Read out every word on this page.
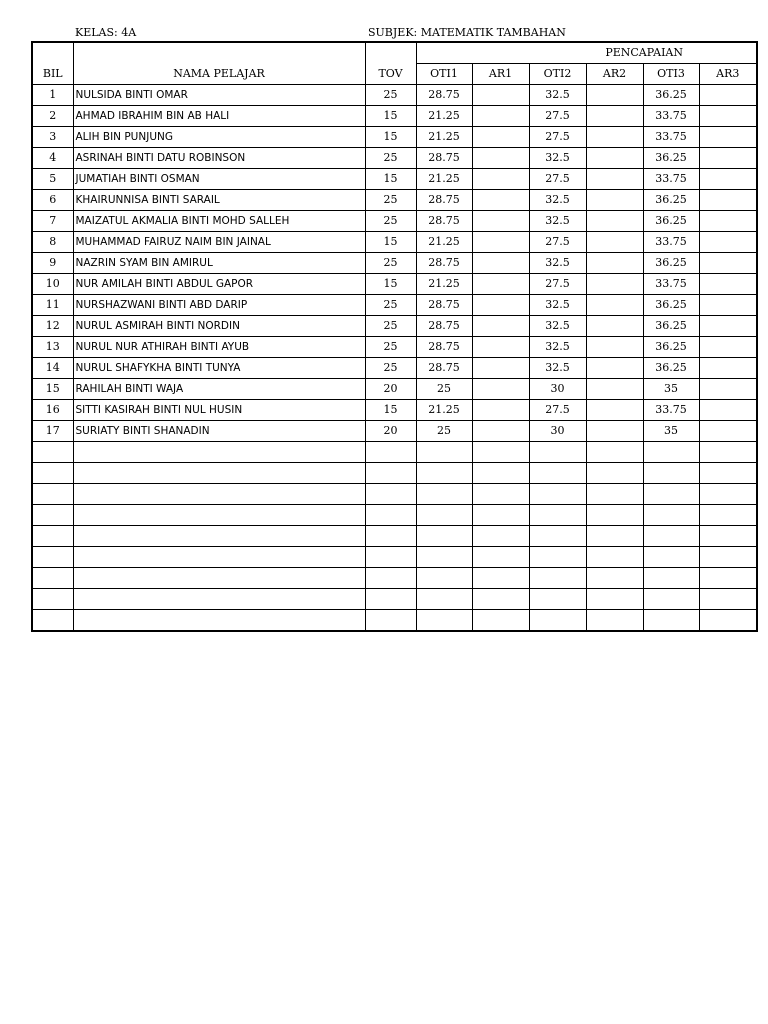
KELAS: 4A	SUBJEK: MATEMATIK TAMBAHAN
			PENCAPAIAN					
BIL	NAMA PELAJAR	TOV	OTI1	AR1	OTI2	AR2	OTI3	AR3
1	NULSIDA BINTI OMAR	25	28.75		32.5		36.25	
2	AHMAD IBRAHIM BIN AB HALI	15	21.25		27.5		33.75	
3	ALIH BIN PUNJUNG	15	21.25		27.5		33.75	
4	ASRINAH BINTI DATU ROBINSON	25	28.75		32.5		36.25	
5	JUMATIAH BINTI OSMAN	15	21.25		27.5		33.75	
6	KHAIRUNNISA BINTI SARAIL	25	28.75		32.5		36.25	
7	MAIZATUL AKMALIA BINTI MOHD SALLEH	25	28.75		32.5		36.25	
8	MUHAMMAD FAIRUZ NAIM BIN JAINAL	15	21.25		27.5		33.75	
9	NAZRIN SYAM BIN AMIRUL	25	28.75		32.5		36.25	
10	NUR AMILAH BINTI ABDUL GAPOR	15	21.25		27.5		33.75	
11	NURSHAZWANI BINTI ABD DARIP	25	28.75		32.5		36.25	
12	NURUL ASMIRAH BINTI NORDIN	25	28.75		32.5		36.25	
13	NURUL NUR ATHIRAH BINTI AYUB	25	28.75		32.5		36.25	
14	NURUL SHAFYKHA BINTI TUNYA	25	28.75		32.5		36.25	
15	RAHILAH BINTI WAJA	20	25		30		35	
16	SITTI KASIRAH BINTI NUL HUSIN	15	21.25		27.5		33.75	
17	SURIATY BINTI SHANADIN	20	25		30		35	
